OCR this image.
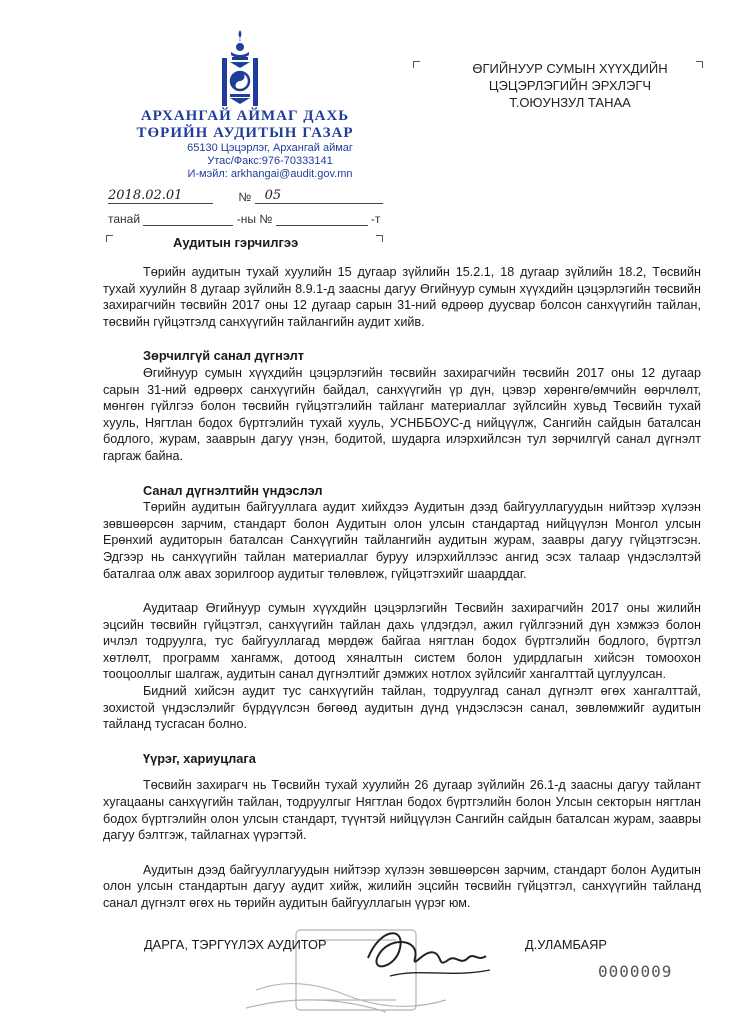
АРХАНГАЙ АЙМАГ ДАХЬ
ТӨРИЙН АУДИТЫН ГАЗАР
65130 Цэцэрлэг, Архангай аймаг
Утас/Факс:976-70333141
И-мэйл: arkhangai@audit.gov.mn
ӨГИЙНУУР СУМЫН ХҮҮХДИЙН
ЦЭЦЭРЛЭГИЙН ЭРХЛЭГЧ
Т.ОЮУНЗУЛ ТАНАА
2018.02.01	№ 05
танай	-ны №	-т
Аудитын гэрчилгээ

Төрийн аудитын тухай хуулийн 15 дугаар зүйлийн 15.2.1, 18 дугаар зүйлийн 18.2, Төсвийн тухай хуулийн 8 дугаар зүйлийн 8.9.1-д заасны дагуу Өгийнуур сумын хүүхдийн цэцэрлэгийн төсвийн захирагчийн төсвийн 2017 оны 12 дугаар сарын 31-ний өдрөөр дуусвар болсон санхүүгийн тайлан, төсвийн гүйцэтгэлд санхүүгийн тайлангийн аудит хийв.

Зөрчилгүй санал дүгнэлт

Өгийнуур сумын хүүхдийн цэцэрлэгийн төсвийн захирагчийн төсвийн 2017 оны 12 дугаар сарын 31-ний өдрөөрх санхүүгийн байдал, санхүүгийн үр дүн, цэвэр хөрөнгө/өмчийн өөрчлөлт, мөнгөн гүйлгээ болон төсвийн гүйцэтгэлийн тайланг материаллаг зүйлсийн хувьд Төсвийн тухай хууль, Нягтлан бодох бүртгэлийн тухай хууль, УСНББОУС-д нийцүүлж, Сангийн сайдын баталсан бодлого, журам, зааврын дагуу үнэн, бодитой, шударга илэрхийлсэн тул зөрчилгүй санал дүгнэлт гаргаж байна.

Санал дүгнэлтийн үндэслэл

Төрийн аудитын байгууллага аудит хийхдээ Аудитын дээд байгууллагуудын нийтээр хүлээн зөвшөөрсөн зарчим, стандарт болон Аудитын олон улсын стандартад нийцүүлэн Монгол улсын Ерөнхий аудиторын баталсан Санхүүгийн тайлангийн аудитын журам, заавры дагуу гүйцэтгэсэн. Эдгээр нь санхүүгийн тайлан материаллаг буруу илэрхийллээс ангид эсэх талаар үндэслэлтэй баталгаа олж авах зорилгоор аудитыг төлөвлөж, гүйцэтгэхийг шаарддаг.

Аудитаар Өгийнуур сумын хүүхдийн цэцэрлэгийн Төсвийн захирагчийн 2017 оны жилийн эцсийн төсвийн гүйцэтгэл, санхүүгийн тайлан дахь үлдэгдэл, ажил гүйлгээний дүн хэмжээ болон ичлэл тодруулга, тус байгууллагад мөрдөж байгаа нягтлан бодох бүртгэлийн бодлого, бүртгэл хөтлөлт, программ хангамж, дотоод хяналтын систем болон удирдлагын хийсэн томоохон тооцооллыг шалгаж, аудитын санал дүгнэлтийг дэмжих нотлох зүйлсийг хангалттай цуглуулсан.

Бидний хийсэн аудит тус санхүүгийн тайлан, тодруулгад санал дүгнэлт өгөх хангалттай, зохистой үндэслэлийг бүрдүүлсэн бөгөөд аудитын дүнд үндэслэсэн санал, зөвлөмжийг аудитын тайланд тусгасан болно.

Үүрэг, хариуцлага

Төсвийн захирагч нь Төсвийн тухай хуулийн 26 дугаар зүйлийн 26.1-д заасны дагуу тайлант хугацааны санхүүгийн тайлан, тодруулгыг Нягтлан бодох бүртгэлийн болон Улсын секторын нягтлан бодох бүртгэлийн олон улсын стандарт, түүнтэй нийцүүлэн Сангийн сайдын баталсан журам, заавры дагуу бэлтгэж, тайлагнах үүрэгтэй.

Аудитын дээд байгууллагуудын нийтээр хүлээн зөвшөөрсөн зарчим, стандарт болон Аудитын олон улсын стандартын дагуу аудит хийж, жилийн эцсийн төсвийн гүйцэтгэл, санхүүгийн тайланд санал дүгнэлт өгөх нь төрийн аудитын байгууллагын үүрэг юм.

ДАРГА, ТЭРГҮҮЛЭХ АУДИТОР	Д.УЛАМБАЯР
0000009
